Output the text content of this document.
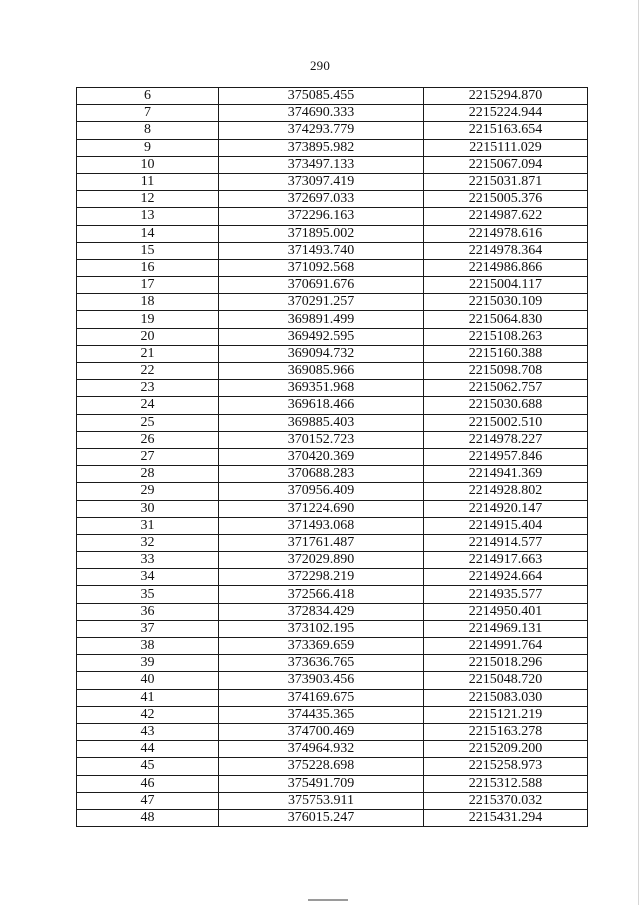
290
6	375085.455	2215294.870
7	374690.333	2215224.944
8	374293.779	2215163.654
9	373895.982	2215111.029
10	373497.133	2215067.094
11	373097.419	2215031.871
12	372697.033	2215005.376
13	372296.163	2214987.622
14	371895.002	2214978.616
15	371493.740	2214978.364
16	371092.568	2214986.866
17	370691.676	2215004.117
18	370291.257	2215030.109
19	369891.499	2215064.830
20	369492.595	2215108.263
21	369094.732	2215160.388
22	369085.966	2215098.708
23	369351.968	2215062.757
24	369618.466	2215030.688
25	369885.403	2215002.510
26	370152.723	2214978.227
27	370420.369	2214957.846
28	370688.283	2214941.369
29	370956.409	2214928.802
30	371224.690	2214920.147
31	371493.068	2214915.404
32	371761.487	2214914.577
33	372029.890	2214917.663
34	372298.219	2214924.664
35	372566.418	2214935.577
36	372834.429	2214950.401
37	373102.195	2214969.131
38	373369.659	2214991.764
39	373636.765	2215018.296
40	373903.456	2215048.720
41	374169.675	2215083.030
42	374435.365	2215121.219
43	374700.469	2215163.278
44	374964.932	2215209.200
45	375228.698	2215258.973
46	375491.709	2215312.588
47	375753.911	2215370.032
48	376015.247	2215431.294
